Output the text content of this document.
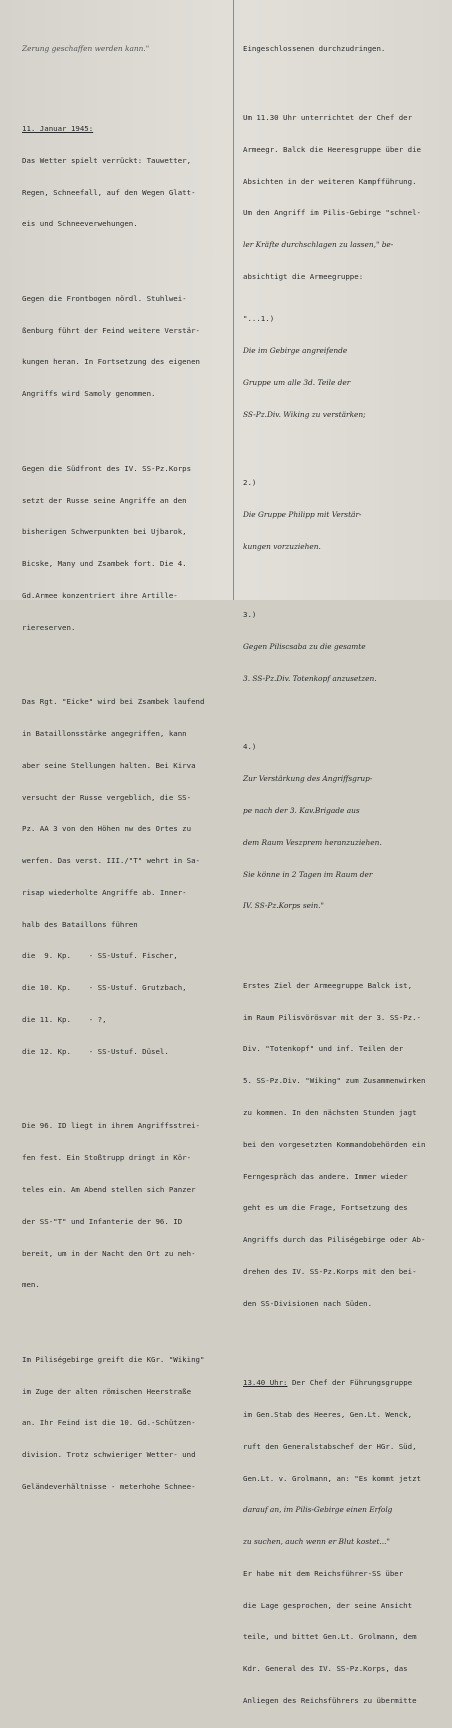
Zerung geschaffen werden kann."

11. Januar 1945:

Das Wetter spielt verrückt: Tauwetter,

Regen, Schneefall, auf den Wegen Glatt-

eis und Schneeverwehungen.

Gegen die Frontbogen nördl. Stuhlwei-

ßenburg führt der Feind weitere Verstär-

kungen heran. In Fortsetzung des eigenen

Angriffs wird Samoly genommen.

Gegen die Südfront des IV. SS-Pz.Korps

setzt der Russe seine Angriffe an den

bisherigen Schwerpunkten bei Ujbarok,

Bicske, Many und Zsambek fort. Die 4.

Gd.Armee konzentriert ihre Artille-

riereserven.

Das Rgt. "Eicke" wird bei Zsambek laufend

in Bataillonsstärke angegriffen, kann

aber seine Stellungen halten. Bei Kirva

versucht der Russe vergeblich, die SS-

Pz. AA 3 von den Höhen nw des Ortes zu

werfen. Das verst. III./"T" wehrt in Sa-

risap wiederholte Angriffe ab. Inner-

halb des Bataillons führen

die  9. Kp.    - SS-Ustuf. Fischer,

die 10. Kp.    - SS-Ustuf. Grutzbach,

die 11. Kp.    - ?,

die 12. Kp.    - SS-Ustuf. Düsel.

Die 96. ID liegt in ihrem Angriffsstrei-

fen fest. Ein Stoßtrupp dringt in Kör-

teles ein. Am Abend stellen sich Panzer

der SS-"T" und Infanterie der 96. ID

bereit, um in der Nacht den Ort zu neh-

men.

Im Piliségebirge greift die KGr. "Wiking"

im Zuge der alten römischen Heerstraße

an. Ihr Feind ist die 10. Gd.-Schützen-

division. Trotz schwieriger Wetter- und

Geländeverhältnisse - meterhohe Schnee-

Eingeschlossenen durchzudringen.

Um 11.30 Uhr unterrichtet der Chef der

Armeegr. Balck die Heeresgruppe über die

Absichten in der weiteren Kampfführung.

Um den Angriff im Pilis-Gebirge "schnel-

ler Kräfte durchschlagen zu lassen," be-

absichtigt die Armeegruppe:

"...1.)

Die im Gebirge angreifende

Gruppe um alle 3d. Teile der

SS-Pz.Div. Wiking zu verstärken;

2.)

Die Gruppe Philipp mit Verstär-

kungen vorzuziehen.

3.)

Gegen Piliscsaba zu die gesamte

3. SS-Pz.Div. Totenkopf anzusetzen.

4.)

Zur Verstärkung des Angriffsgrup-

pe nach der 3. Kav.Brigade aus

dem Raum Veszprem heranzuziehen.

Sie könne in 2 Tagen im Raum der

IV. SS-Pz.Korps sein."

Erstes Ziel der Armeegruppe Balck ist,

im Raum Pilisvörösvar mit der 3. SS-Pz.-

Div. "Totenkopf" und inf. Teilen der

5. SS-Pz.Div. "Wiking" zum Zusammenwirken

zu kommen. In den nächsten Stunden jagt

bei den vorgesetzten Kommandobehörden ein

Ferngespräch das andere. Immer wieder

geht es um die Frage, Fortsetzung des

Angriffs durch das Piliségebirge oder Ab-

drehen des IV. SS-Pz.Korps mit den bei-

den SS-Divisionen nach Süden.

13.40 Uhr: Der Chef der Führungsgruppe

im Gen.Stab des Heeres, Gen.Lt. Wenck,

ruft den Generalstabschef der HGr. Süd,

Gen.Lt. v. Grolmann, an: "Es kommt jetzt

darauf an, im Pilis-Gebirge einen Erfolg

zu suchen, auch wenn er Blut kostet..."

Er habe mit dem Reichsführer-SS über

die Lage gesprochen, der seine Ansicht

teile, und bittet Gen.Lt. Grolmann, dem

Kdr. General des IV. SS-Pz.Korps, das

Anliegen des Reichsführers zu übermitte
